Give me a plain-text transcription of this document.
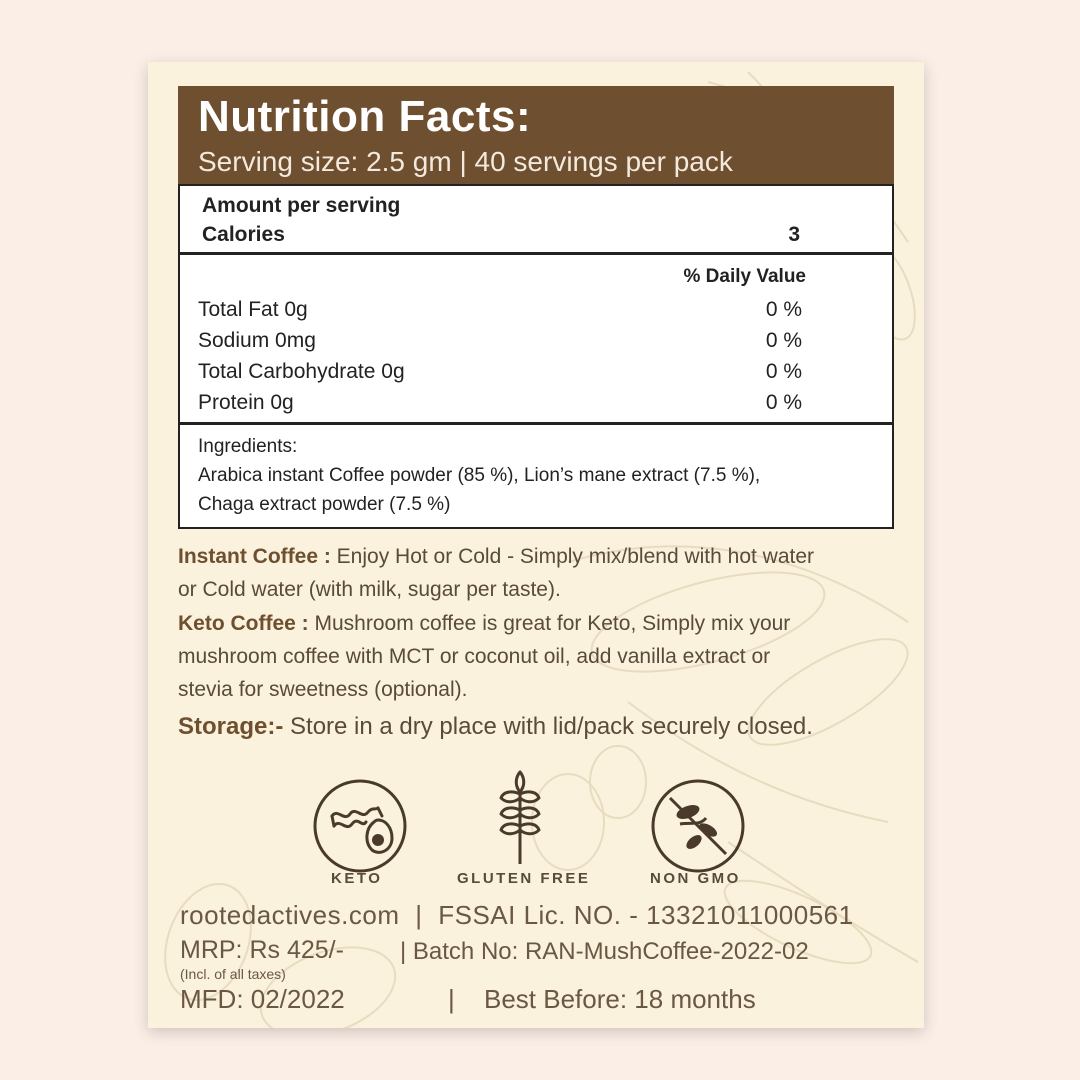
Nutrition Facts:
Serving size: 2.5 gm | 40 servings per pack
Amount per serving
Calories	3
% Daily Value
Total Fat 0g	0 %
Sodium 0mg	0 %
Total Carbohydrate 0g	0 %
Protein 0g	0 %
Ingredients:
Arabica instant Coffee powder (85 %), Lion’s mane extract (7.5 %),
Chaga extract powder (7.5 %)
Instant Coffee : Enjoy Hot or Cold - Simply mix/blend with hot water
or Cold water (with milk, sugar per taste).
Keto Coffee : Mushroom coffee is great for Keto, Simply mix your
mushroom coffee with MCT or coconut oil, add vanilla extract or
stevia for sweetness (optional).
Storage:- Store in a dry place with lid/pack securely closed.
KETO	GLUTEN FREE	NON GMO
rootedactives.com | FSSAI Lic. NO. - 13321011000561
MRP: Rs 425/- | Batch No: RAN-MushCoffee-2022-02
(Incl. of all taxes)
MFD: 02/2022	| Best Before: 18 months
